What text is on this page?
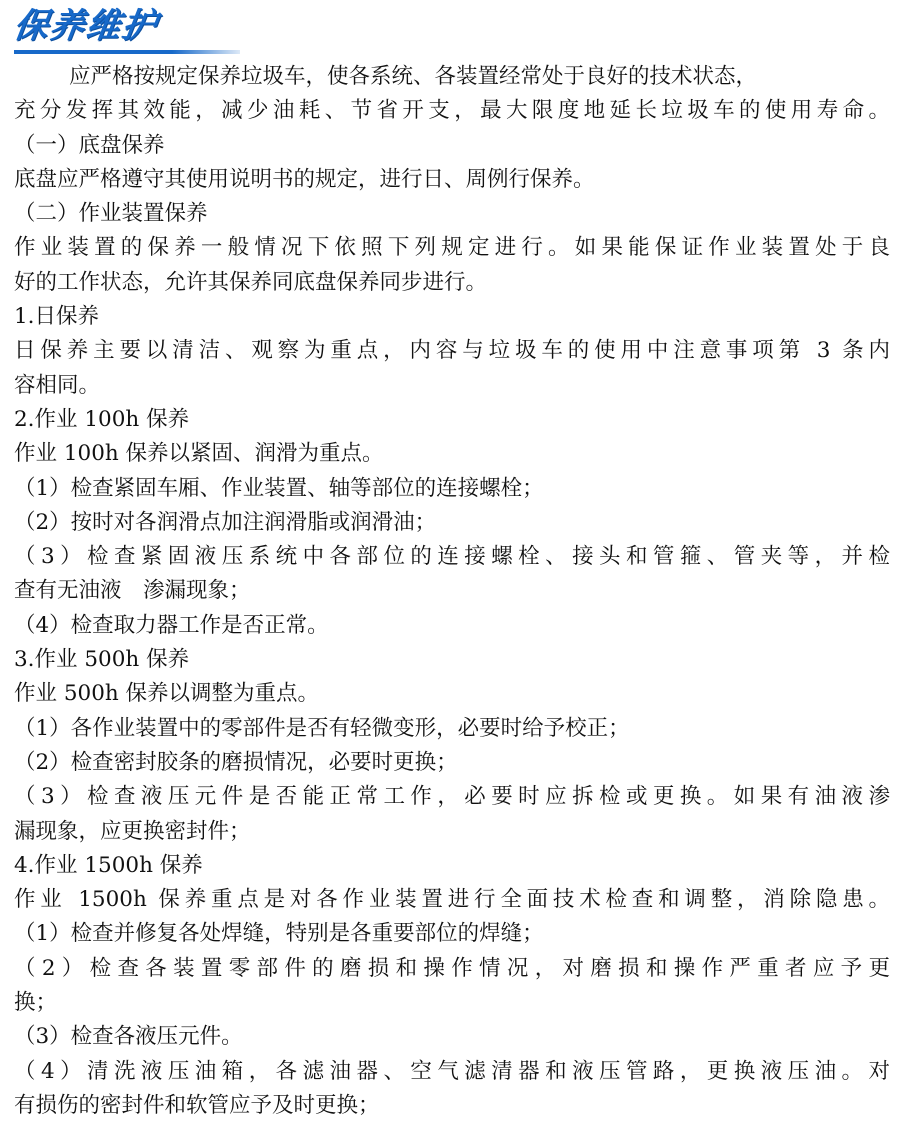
保养维护
应严格按规定保养垃圾车，使各系统、各装置经常处于良好的技术状态，
充分发挥其效能，减少油耗、节省开支，最大限度地延长垃圾车的使用寿命。
（一）底盘保养
底盘应严格遵守其使用说明书的规定，进行日、周例行保养。
（二）作业装置保养
作业装置的保养一般情况下依照下列规定进行。如果能保证作业装置处于良
好的工作状态，允许其保养同底盘保养同步进行。
1.日保养
日保养主要以清洁、观察为重点，内容与垃圾车的使用中注意事项第 3 条内
容相同。
2.作业 100h 保养
作业 100h 保养以紧固、润滑为重点。
（1）检查紧固车厢、作业装置、轴等部位的连接螺栓；
（2）按时对各润滑点加注润滑脂或润滑油；
（3）检查紧固液压系统中各部位的连接螺栓、接头和管箍、管夹等，并检
查有无油液　渗漏现象；
（4）检查取力器工作是否正常。
3.作业 500h 保养
作业 500h 保养以调整为重点。
（1）各作业装置中的零部件是否有轻微变形，必要时给予校正；
（2）检查密封胶条的磨损情况，必要时更换；
（3）检查液压元件是否能正常工作，必要时应拆检或更换。如果有油液渗
漏现象，应更换密封件；
4.作业 1500h 保养
作业 1500h 保养重点是对各作业装置进行全面技术检查和调整，消除隐患。
（1）检查并修复各处焊缝，特别是各重要部位的焊缝；
（2）检查各装置零部件的磨损和操作情况，对磨损和操作严重者应予更
换；
（3）检查各液压元件。
（4）清洗液压油箱，各滤油器、空气滤清器和液压管路，更换液压油。对
有损伤的密封件和软管应予及时更换；
